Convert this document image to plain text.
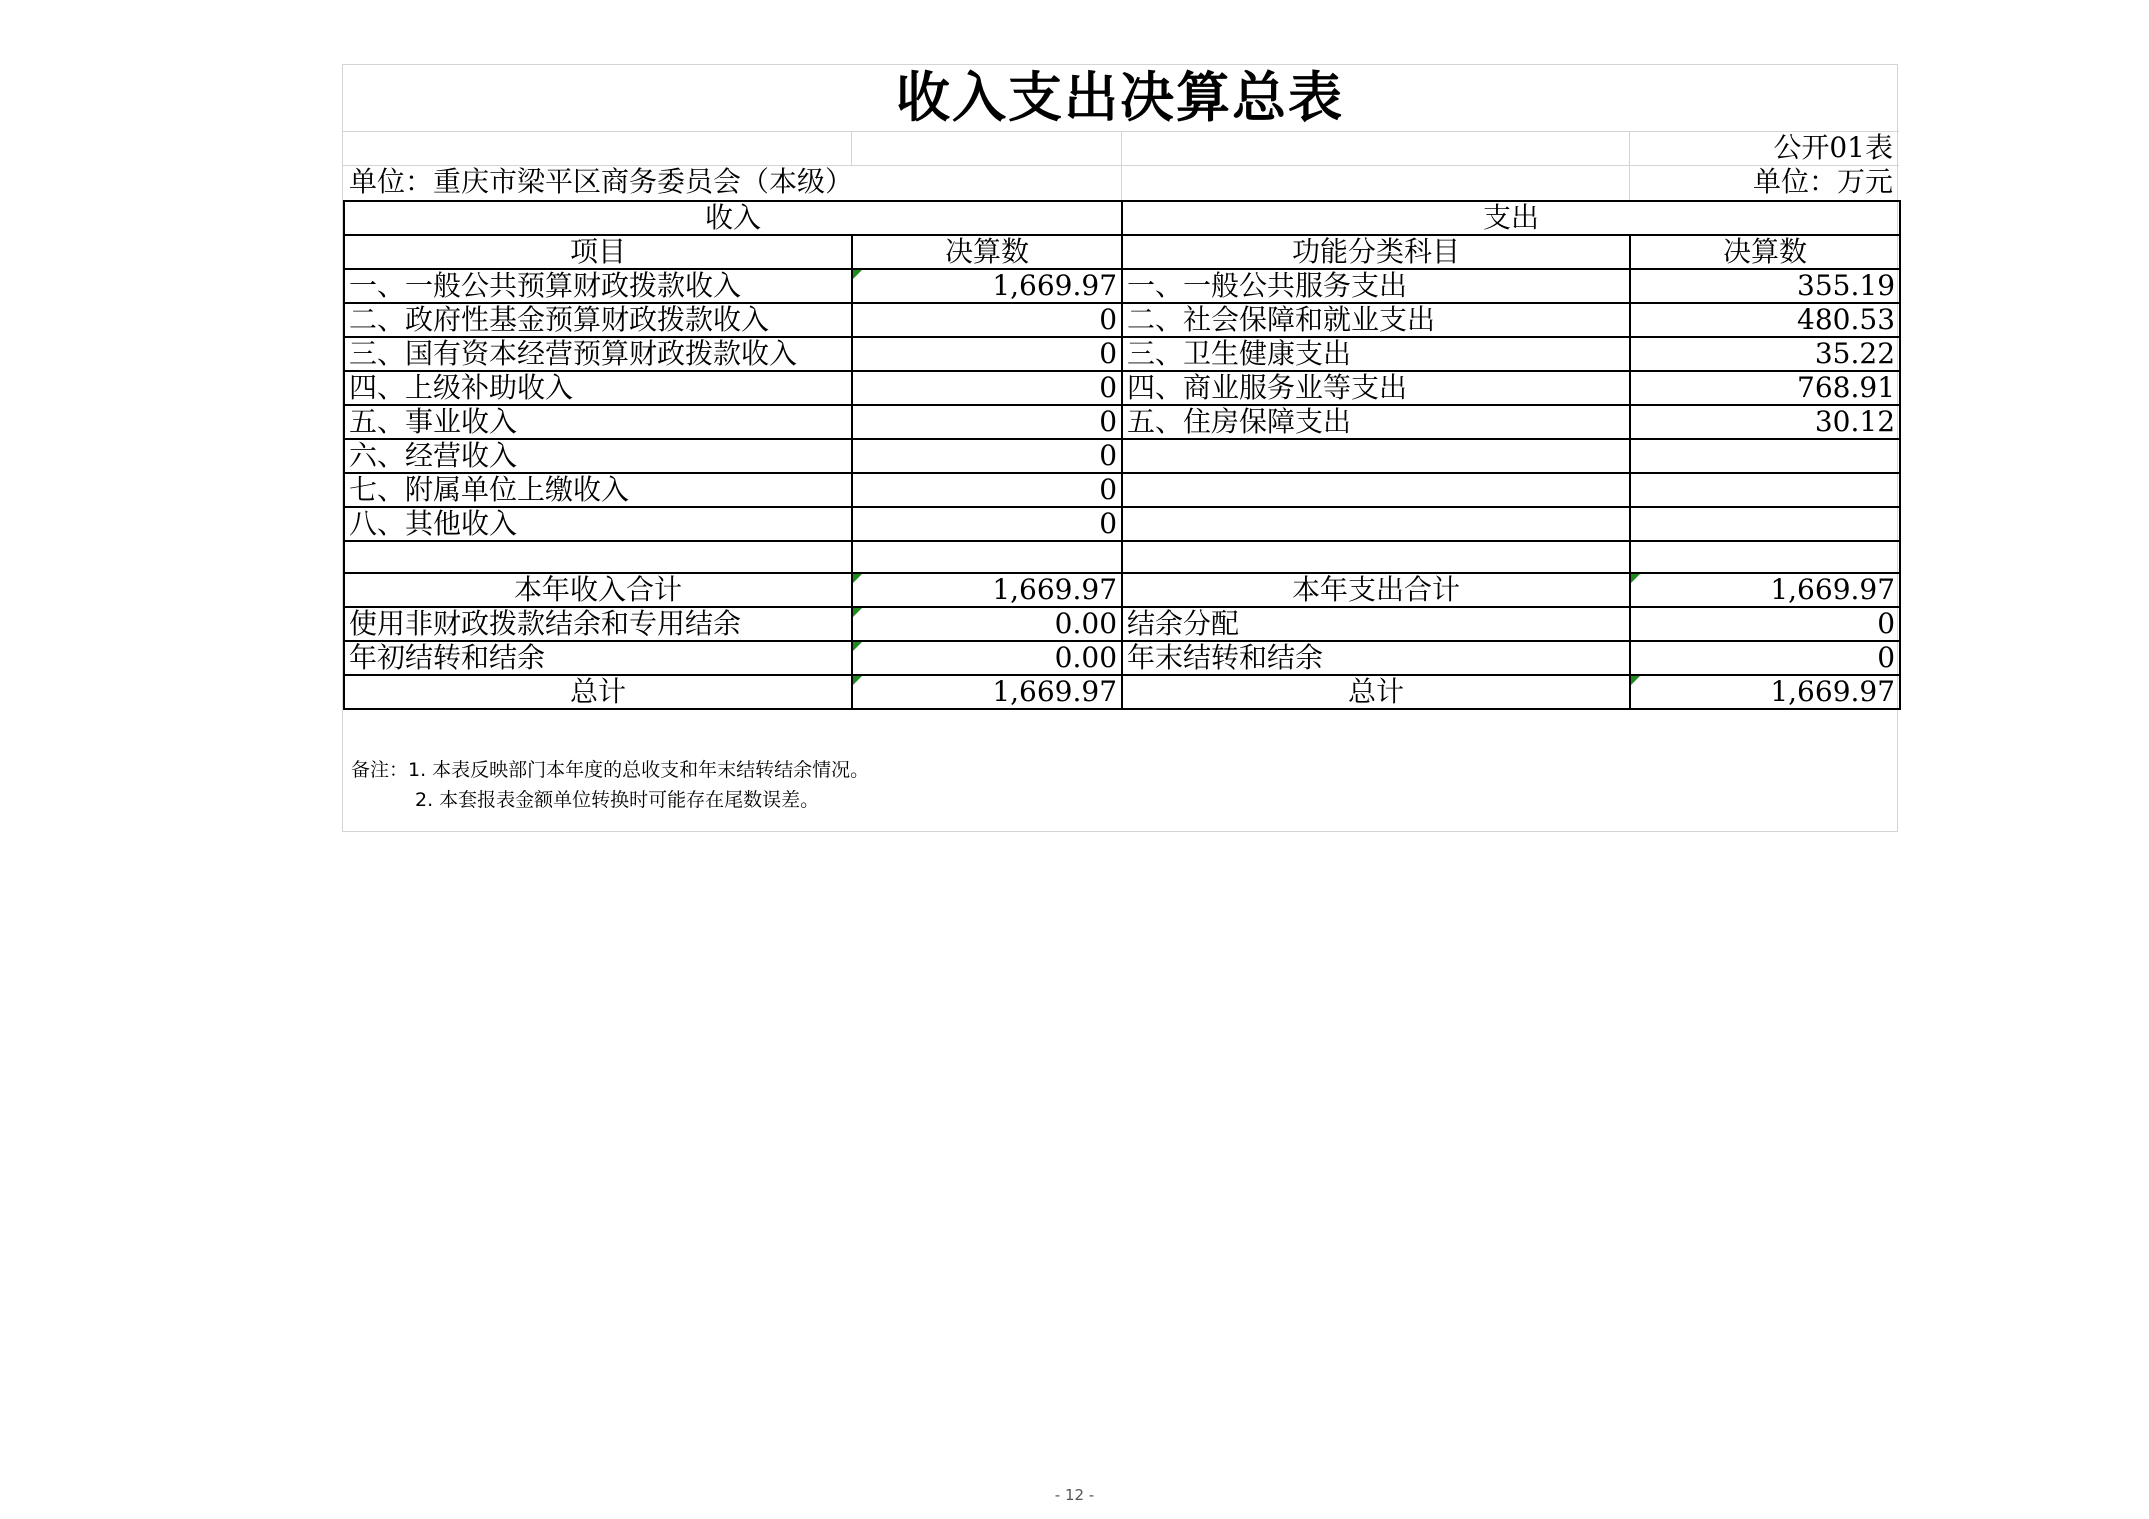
收入支出决算总表
公开01表
单位：重庆市梁平区商务委员会（本级）	单位：万元
收入		支出	
项目	决算数	功能分类科目	决算数
一、一般公共预算财政拨款收入	1,669.97	一、一般公共服务支出	355.19
二、政府性基金预算财政拨款收入	0	二、社会保障和就业支出	480.53
三、国有资本经营预算财政拨款收入	0	三、卫生健康支出	35.22
四、上级补助收入	0	四、商业服务业等支出	768.91
五、事业收入	0	五、住房保障支出	30.12
六、经营收入	0		
七、附属单位上缴收入	0		
八、其他收入	0		

本年收入合计	1,669.97	本年支出合计	1,669.97
使用非财政拨款结余和专用结余	0.00	结余分配	0
年初结转和结余	0.00	年末结转和结余	0
总计	1,669.97	总计	1,669.97
备注：1. 本表反映部门本年度的总收支和年末结转结余情况。
2. 本套报表金额单位转换时可能存在尾数误差。
- 12 -
